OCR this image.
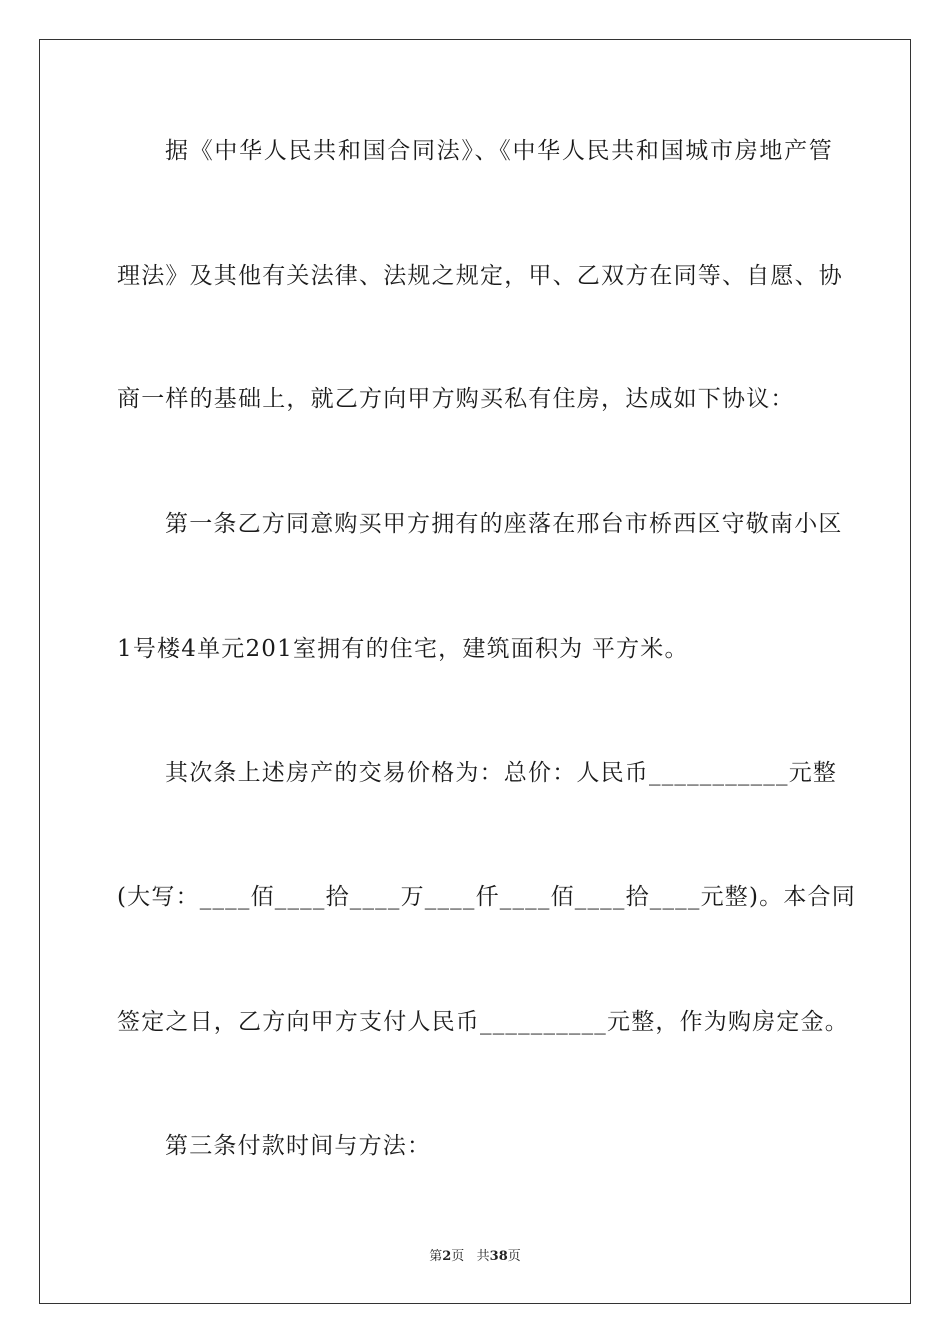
据《中华人民共和国合同法》、《中华人民共和国城市房地产管
理法》及其他有关法律、法规之规定，甲、乙双方在同等、自愿、协
商一样的基础上，就乙方向甲方购买私有住房，达成如下协议：
第一条乙方同意购买甲方拥有的座落在邢台市桥西区守敬南小区
1号楼4单元201室拥有的住宅，建筑面积为 平方米。
其次条上述房产的交易价格为：总价：人民币___________元整
(大写：____佰____拾____万____仟____佰____拾____元整)。本合同
签定之日，乙方向甲方支付人民币__________元整，作为购房定金。
第三条付款时间与方法：
第2页   共38页
